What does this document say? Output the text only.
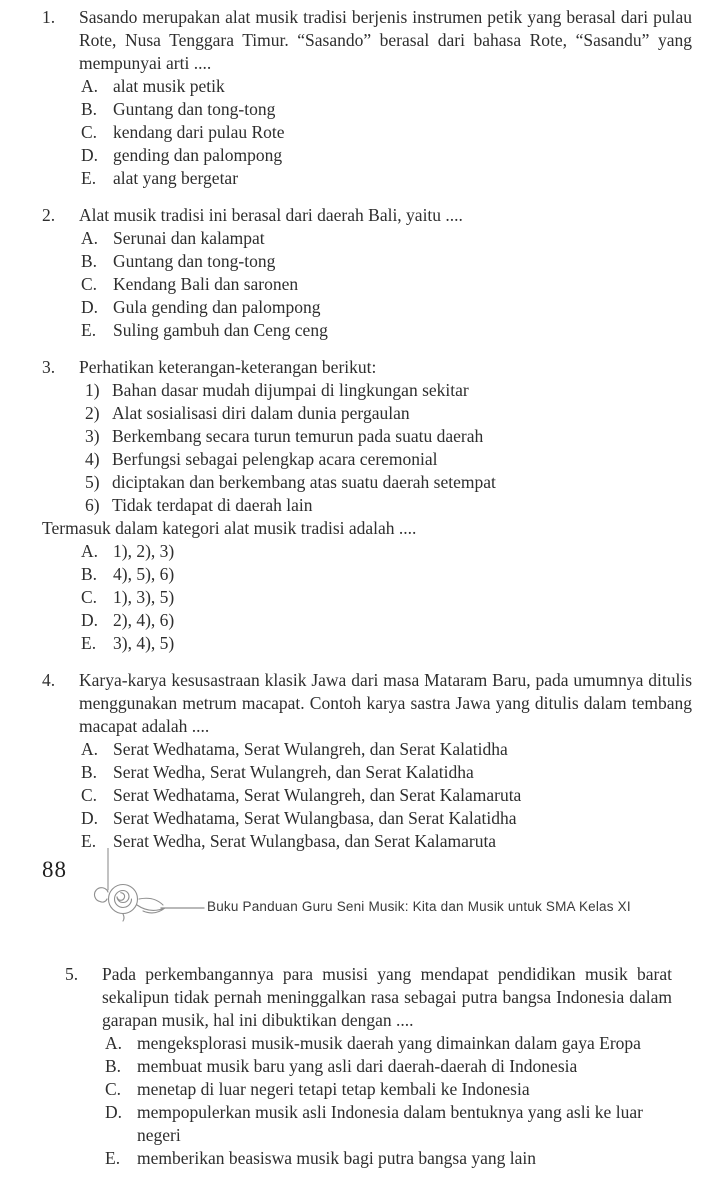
1.	Sasando merupakan alat musik tradisi berjenis instrumen petik yang berasal dari pulau Rote, Nusa Tenggara Timur. “Sasando” berasal dari bahasa Rote, “Sasandu” yang mempunyai arti ....
A. alat musik petik
B. Guntang dan tong-tong
C. kendang dari pulau Rote
D. gending dan palompong
E. alat yang bergetar
2.	Alat musik tradisi ini berasal dari daerah Bali, yaitu ....
A. Serunai dan kalampat
B. Guntang dan tong-tong
C. Kendang Bali dan saronen
D. Gula gending dan palompong
E. Suling gambuh dan Ceng ceng
3.	Perhatikan keterangan-keterangan berikut:
1) Bahan dasar mudah dijumpai di lingkungan sekitar
2) Alat sosialisasi diri dalam dunia pergaulan
3) Berkembang secara turun temurun pada suatu daerah
4) Berfungsi sebagai pelengkap acara ceremonial
5) diciptakan dan berkembang atas suatu daerah setempat
6) Tidak terdapat di daerah lain
Termasuk dalam kategori alat musik tradisi adalah ....
A. 1), 2), 3)
B. 4), 5), 6)
C. 1), 3), 5)
D. 2), 4), 6)
E. 3), 4), 5)
4.	Karya-karya kesusastraan klasik Jawa dari masa Mataram Baru, pada umumnya ditulis menggunakan metrum macapat. Contoh karya sastra Jawa yang ditulis dalam tembang macapat adalah ....
A. Serat Wedhatama, Serat Wulangreh, dan Serat Kalatidha
B. Serat Wedha, Serat Wulangreh, dan Serat Kalatidha
C. Serat Wedhatama, Serat Wulangreh, dan Serat Kalamaruta
D. Serat Wedhatama, Serat Wulangbasa, dan Serat Kalatidha
E. Serat Wedha, Serat Wulangbasa, dan Serat Kalamaruta
88
Buku Panduan Guru Seni Musik: Kita dan Musik untuk SMA Kelas XI
5.	Pada perkembangannya para musisi yang mendapat pendidikan musik barat sekalipun tidak pernah meninggalkan rasa sebagai putra bangsa Indonesia dalam garapan musik, hal ini dibuktikan dengan ....
A. mengeksplorasi musik-musik daerah yang dimainkan dalam gaya Eropa
B. membuat musik baru yang asli dari daerah-daerah di Indonesia
C. menetap di luar negeri tetapi tetap kembali ke Indonesia
D. mempopulerkan musik asli Indonesia dalam bentuknya yang asli ke luar negeri
E. memberikan beasiswa musik bagi putra bangsa yang lain
